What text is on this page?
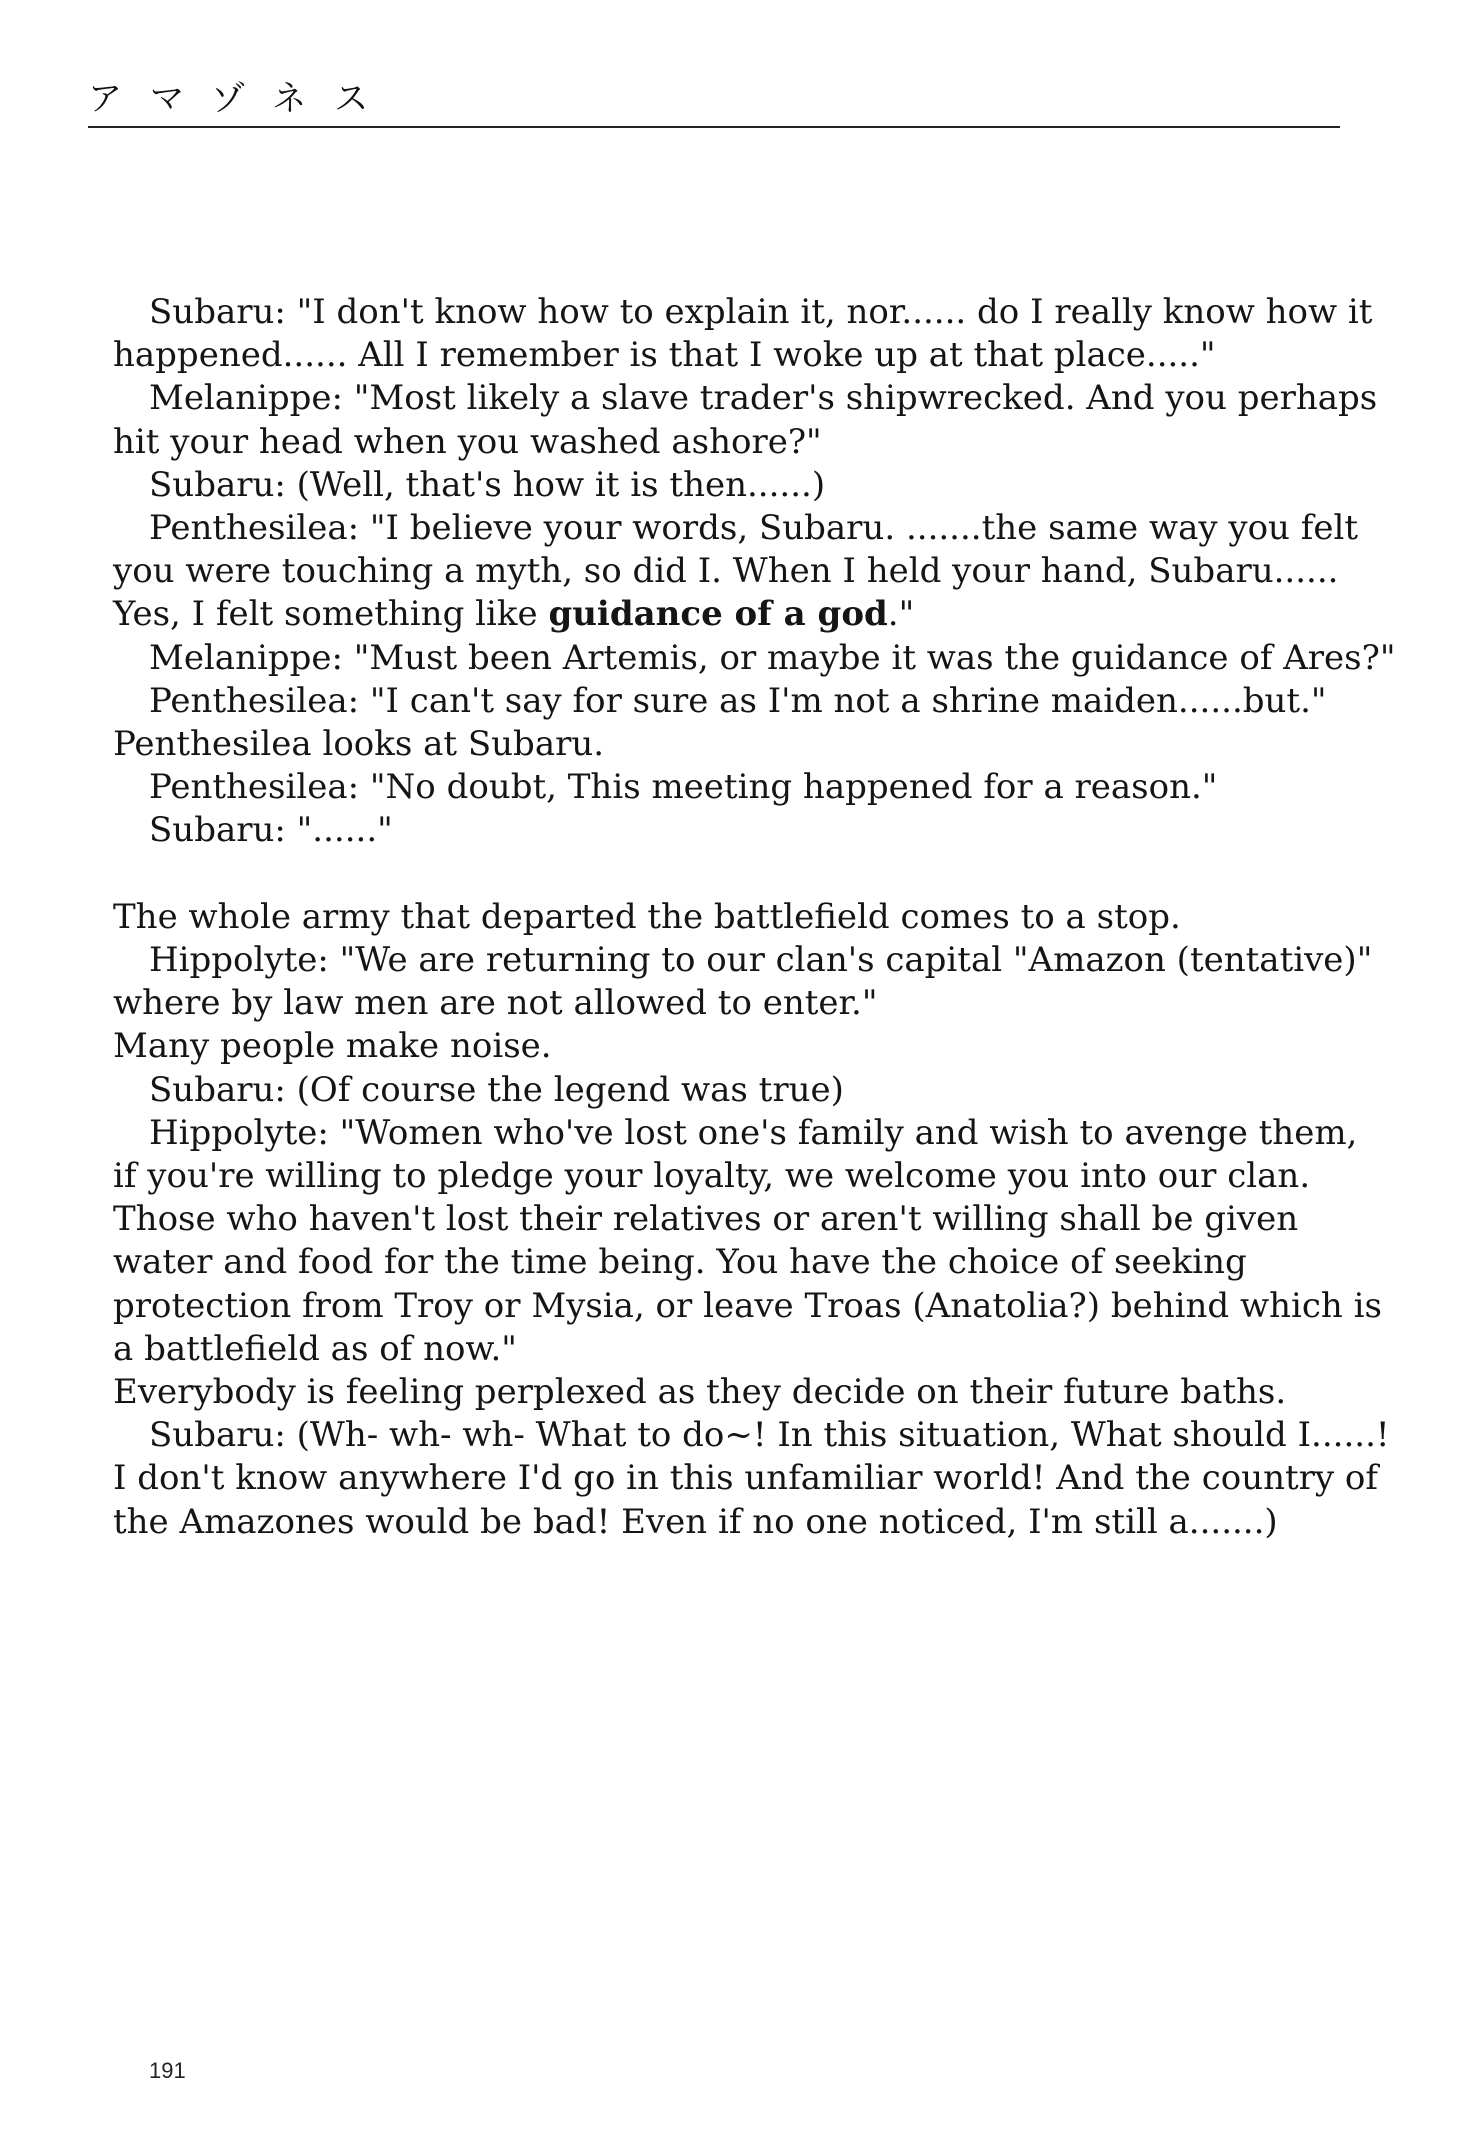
アマゾネス

Subaru: "I don't know how to explain it, nor...... do I really know how it
happened...... All I remember is that I woke up at that place....."

Melanippe: "Most likely a slave trader's shipwrecked. And you perhaps
hit your head when you washed ashore?"

Subaru: (Well, that's how it is then......)

Penthesilea: "I believe your words, Subaru. .......the same way you felt
you were touching a myth, so did I. When I held your hand, Subaru......
Yes, I felt something like guidance of a god."

Melanippe: "Must been Artemis, or maybe it was the guidance of Ares?"

Penthesilea: "I can't say for sure as I'm not a shrine maiden......but."

Penthesilea looks at Subaru.

Penthesilea: "No doubt, This meeting happened for a reason."

Subaru: "......"

The whole army that departed the battlefield comes to a stop.

Hippolyte: "We are returning to our clan's capital "Amazon (tentative)"
where by law men are not allowed to enter."

Many people make noise.

Subaru: (Of course the legend was true)

Hippolyte: "Women who've lost one's family and wish to avenge them,
if you're willing to pledge your loyalty, we welcome you into our clan.
Those who haven't lost their relatives or aren't willing shall be given
water and food for the time being. You have the choice of seeking
protection from Troy or Mysia, or leave Troas (Anatolia?) behind which is
a battlefield as of now."

Everybody is feeling perplexed as they decide on their future baths.

Subaru: (Wh- wh- wh- What to do~! In this situation, What should I......!
I don't know anywhere I'd go in this unfamiliar world! And the country of
the Amazones would be bad! Even if no one noticed, I'm still a.......)

191
